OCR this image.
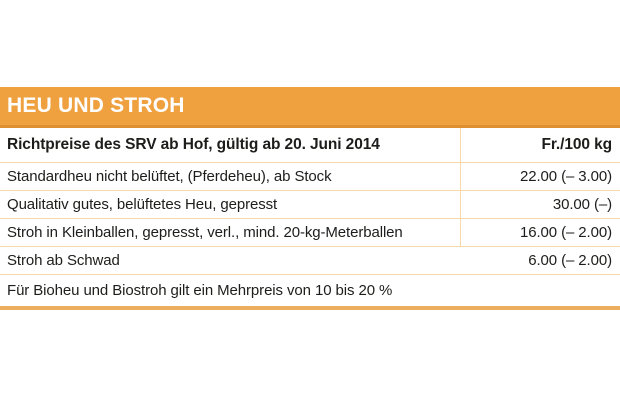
HEU UND STROH
Richtpreise des SRV ab Hof, gültig ab 20. Juni 2014	Fr./100 kg
Standardheu nicht belüftet, (Pferdeheu), ab Stock	22.00 (– 3.00)
Qualitativ gutes, belüftetes Heu, gepresst	30.00 (–)
Stroh in Kleinballen, gepresst, verl., mind. 20-kg-Meterballen	16.00 (– 2.00)
Stroh ab Schwad	6.00 (– 2.00)
Für Bioheu und Biostroh gilt ein Mehrpreis von 10 bis 20 %
